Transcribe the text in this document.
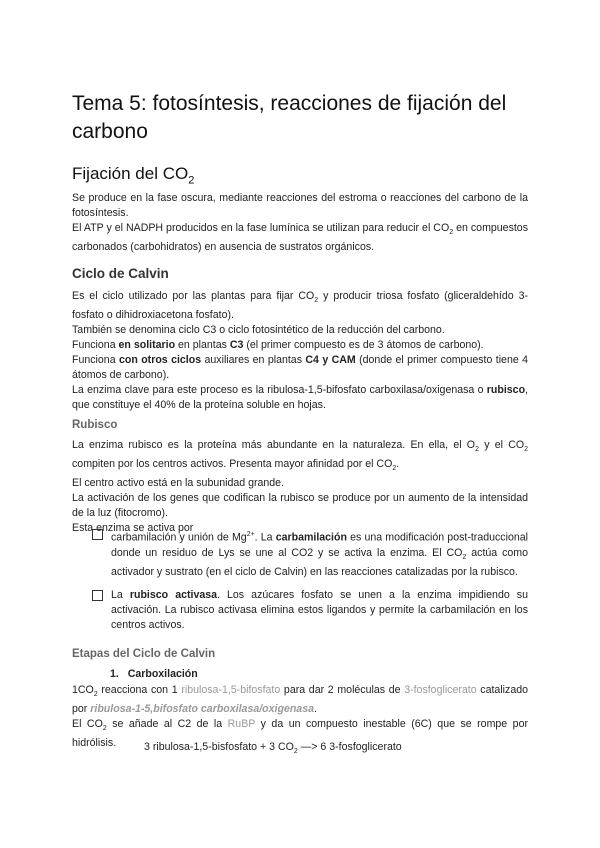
Tema 5: fotosíntesis, reacciones de fijación del carbono
Fijación del $CO_2$

Se produce en la fase oscura, mediante reacciones del estroma o reacciones del carbono de la fotosíntesis.

El ATP y el NADPH producidos en la fase lumínica se utilizan para reducir el $CO_2$ en compuestos carbonados (carbohidratos) en ausencia de sustratos orgánicos.

Ciclo de Calvin

Es el ciclo utilizado por las plantas para fijar $CO_2$ y producir triosa fosfato (gliceraldehído 3-fosfato o dihidroxiacetona fosfato).

También se denomina ciclo C3 o ciclo fotosintético de la reducción del carbono.

Funciona en solitario en plantas C3 (el primer compuesto es de 3 átomos de carbono).

Funciona con otros ciclos auxiliares en plantas C4 y CAM (donde el primer compuesto tiene 4 átomos de carbono).

La enzima clave para este proceso es la ribulosa-1,5-bifosfato carboxilasa/oxigenasa o rubisco, que constituye el 40% de la proteína soluble en hojas.

Rubisco

La enzima rubisco es la proteína más abundante en la naturaleza. En ella, el $O_2$ y el $CO_2$ compiten por los centros activos. Presenta mayor afinidad por el $CO_2$.

El centro activo está en la subunidad grande.

La activación de los genes que codifican la rubisco se produce por un aumento de la intensidad de la luz (fitocromo).

Esta enzima se activa por

carbamilación y unión de $Mg^{2+}$. La carbamilación es una modificación post-traduccional donde un residuo de Lys se une al CO2 y se activa la enzima. El $CO_2$ actúa como activador y sustrato (en el ciclo de Calvin) en las reacciones catalizadas por la rubisco.

La rubisco activasa. Los azúcares fosfato se unen a la enzima impidiendo su activación. La rubisco activasa elimina estos ligandos y permite la carbamilación en los centros activos.

Etapas del Ciclo de Calvin
1. Carboxilación

$1CO_2$ reacciona con 1 ribulosa-1,5-bifosfato para dar 2 moléculas de 3-fosfoglicerato catalizado por ribulosa-1-5,bifosfato carboxilasa/oxigenasa.

El $CO_2$ se añade al C2 de la RuBP y da un compuesto inestable (6C) que se rompe por hidrólisis.	3 ribulosa-1,5-bisfosfato + 3 $CO_2$ —> 6 3-fosfoglicerato
